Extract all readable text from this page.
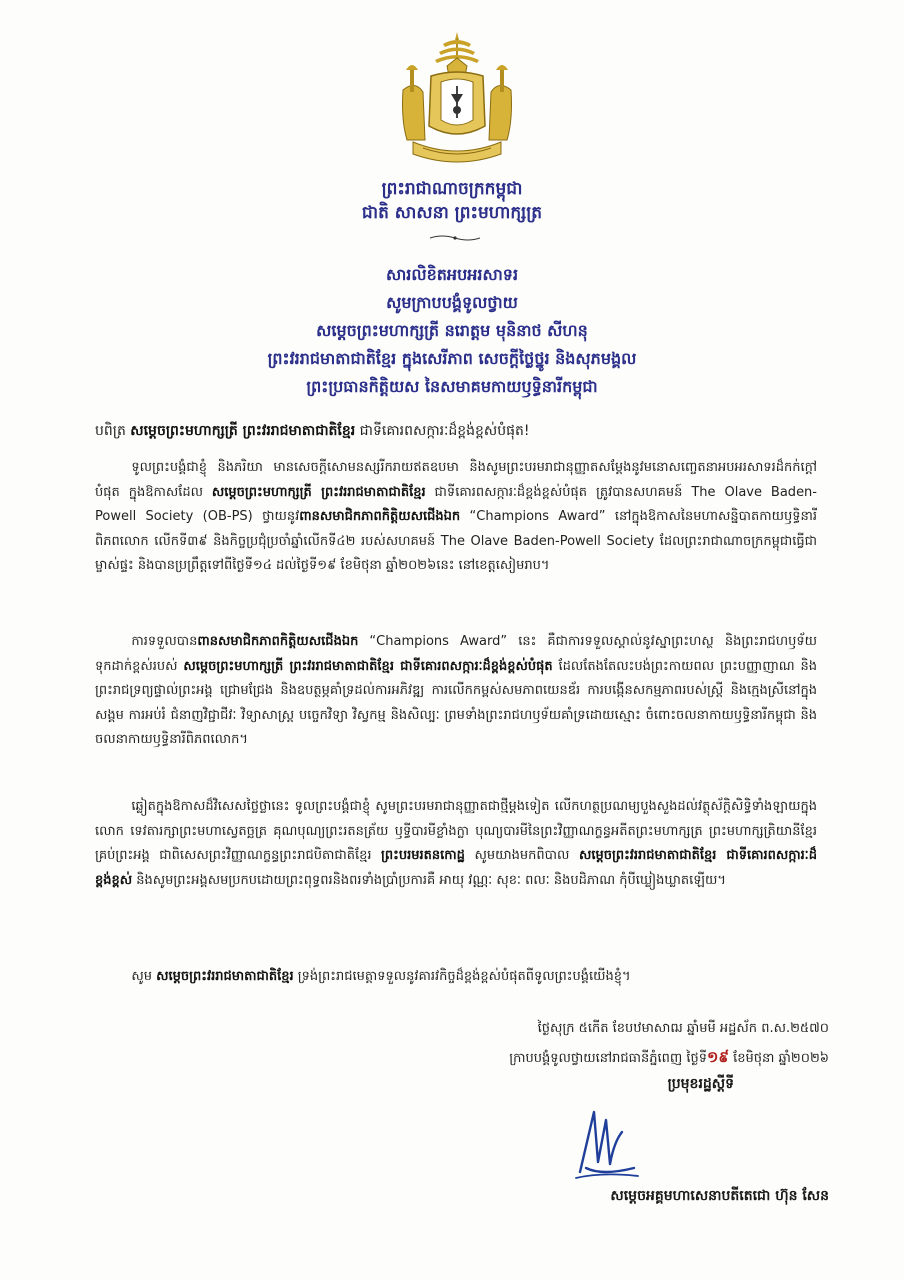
ព្រះរាជាណាចក្រកម្ពុជា
ជាតិ សាសនា ព្រះមហាក្សត្រ
សារលិខិតអបអរសាទរ
សូមក្រាបបង្គំទូលថ្វាយ
សម្តេចព្រះមហាក្សត្រី នរោត្តម មុនិនាថ សីហនុ
ព្រះវររាជមាតាជាតិខ្មែរ ក្នុងសេរីភាព សេចក្តីថ្លៃថ្នូរ និងសុភមង្គល
ព្រះប្រធានកិត្តិយស នៃសមាគមកាយឫទ្ធិនារីកម្ពុជា
បពិត្រ សម្តេចព្រះមហាក្សត្រី ព្រះវររាជមាតាជាតិខ្មែរ ជាទីគោរពសក្ការៈដ៏ខ្ពង់ខ្ពស់បំផុត!
ទូលព្រះបង្គំជាខ្ញុំ និងភរិយា មានសេចក្តីសោមនស្សរីករាយឥតឧបមា និងសូមព្រះបរមរាជានុញ្ញាតសម្តែងនូវមនោសញ្ចេតនាអបអរសាទរដ៏កក់ក្តៅបំផុត ក្នុងឱកាសដែល សម្តេចព្រះមហាក្សត្រី ព្រះវររាជមាតាជាតិខ្មែរ ជាទីគោរពសក្ការៈដ៏ខ្ពង់ខ្ពស់បំផុត ត្រូវបានសហគមន៍ The Olave Baden-Powell Society (OB-PS) ថ្វាយនូវពានសមាជិកភាពកិត្តិយសជើងឯក “Champions Award” នៅក្នុងឱកាសនៃមហាសន្និបាតកាយឫទ្ធិនារីពិភពលោក លើកទី៣៩ និងកិច្ចប្រជុំប្រចាំឆ្នាំលើកទី៤២ របស់សហគមន៍ The Olave Baden-Powell Society ដែលព្រះរាជាណាចក្រកម្ពុជាធ្វើជាម្ចាស់ផ្ទះ និងបានប្រព្រឹត្តទៅពីថ្ងៃទី១៤ ដល់ថ្ងៃទី១៩ ខែមិថុនា ឆ្នាំ២០២៦នេះ នៅខេត្តសៀមរាប។
ការទទួលបានពានសមាជិកភាពកិត្តិយសជើងឯក “Champions Award” នេះ គឺជាការទទួលស្គាល់នូវស្នាព្រះហស្ថ និងព្រះរាជហឫទ័យទុកដាក់ខ្ពស់របស់ សម្តេចព្រះមហាក្សត្រី ព្រះវររាជមាតាជាតិខ្មែរ ជាទីគោរពសក្ការៈដ៏ខ្ពង់ខ្ពស់បំផុត ដែលតែងតែលះបង់ព្រះកាយពល ព្រះបញ្ញាញាណ និងព្រះរាជទ្រព្យផ្ទាល់ព្រះអង្គ ជ្រោមជ្រែង និងឧបត្ថម្ភគាំទ្រដល់ការអភិវឌ្ឍ ការលើកកម្ពស់សមភាពយេនឌ័រ ការបង្កើនសកម្មភាពរបស់ស្ត្រី និងក្មេងស្រីនៅក្នុងសង្គម ការអប់រំ ជំនាញវិជ្ជាជីវៈ វិទ្យាសាស្ត្រ បច្ចេកវិទ្យា វិស្វកម្ម និងសិល្បៈ ព្រមទាំងព្រះរាជហឫទ័យគាំទ្រដោយស្មោះ ចំពោះចលនាកាយឫទ្ធិនារីកម្ពុជា និងចលនាកាយឫទ្ធិនារីពិភពលោក។
ឆ្លៀតក្នុងឱកាសដ៏វិសេសថ្លៃថ្លានេះ ទូលព្រះបង្គំជាខ្ញុំ សូមព្រះបរមរាជានុញ្ញាតជាថ្មីម្តងទៀត លើកហត្ថប្រណម្យបួងសួងដល់វត្ថុស័ក្តិសិទ្ធិទាំងឡាយក្នុងលោក ទេវតារក្សាព្រះមហាស្វេតច្ឆត្រ គុណបុណ្យព្រះរតនត្រ័យ ឫទ្ធីបារមីខ្លាំងក្លា បុណ្យបារមីនៃព្រះវិញ្ញាណក្ខន្ធអតីតព្រះមហាក្សត្រ ព្រះមហាក្សត្រិយានីខ្មែរគ្រប់ព្រះអង្គ ជាពិសេសព្រះវិញ្ញាណក្ខន្ធព្រះរាជបិតាជាតិខ្មែរ ព្រះបរមរតនកោដ្ឋ សូមយាងមកពិបាល សម្តេចព្រះវររាជមាតាជាតិខ្មែរ ជាទីគោរពសក្ការៈដ៏ខ្ពង់ខ្ពស់ និងសូមព្រះអង្គសមប្រកបដោយព្រះពុទ្ធពរនិងពរទាំងប្រាំប្រការគឺ អាយុ វណ្ណៈ សុខៈ ពលៈ និងបដិភាណ កុំបីឃ្លៀងឃ្លាតឡើយ។
សូម សម្តេចព្រះវររាជមាតាជាតិខ្មែរ ទ្រង់ព្រះរាជមេត្តាទទួលនូវគារវកិច្ចដ៏ខ្ពង់ខ្ពស់បំផុតពីទូលព្រះបង្គំយើងខ្ញុំ។
ថ្ងៃសុក្រ ៥កើត ខែបឋមាសាឍ ឆ្នាំមមី អដ្ឋស័ក ព.ស.២៥៧០
ក្រាបបង្គំទូលថ្វាយនៅរាជធានីភ្នំពេញ ថ្ងៃទី១៩ ខែមិថុនា ឆ្នាំ២០២៦
ប្រមុខរដ្ឋស្តីទី
សម្តេចអគ្គមហាសេនាបតីតេជោ ហ៊ុន សែន
